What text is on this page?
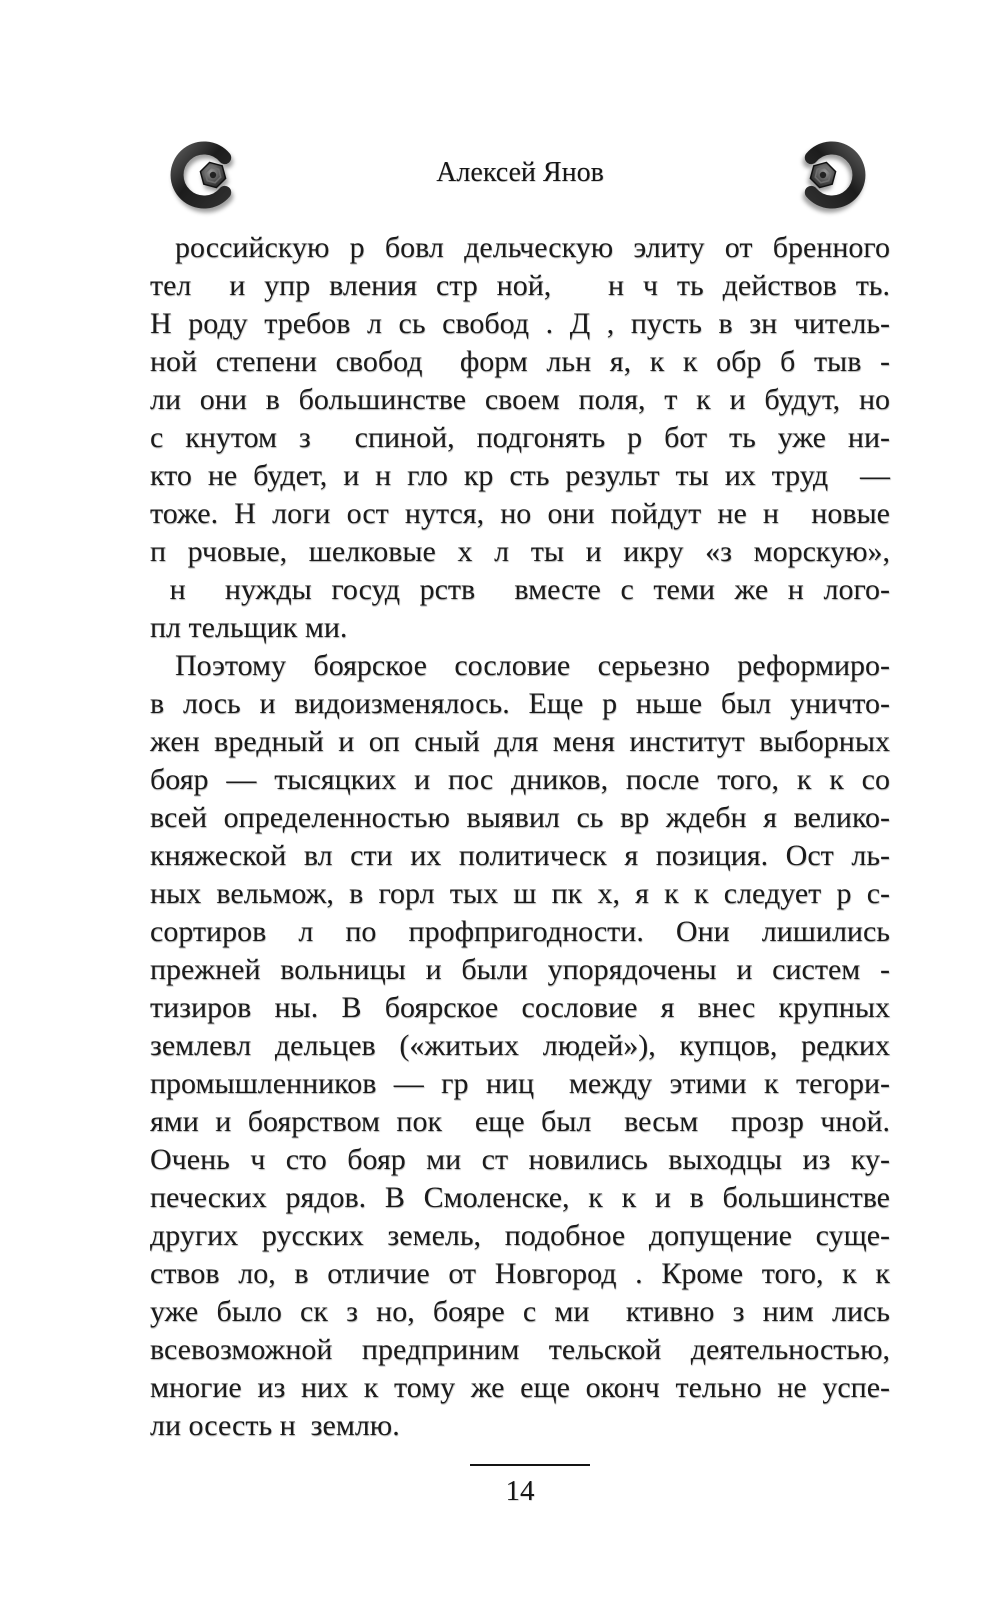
Алексей Янов
российскую р бовл дельческую элиту от бренного
тел  и упр вления стр ной,   н ч ть действов ть.
Н роду требов л сь свобод . Д , пусть в зн читель-
ной степени свобод  форм льн я, к к обр б тыв -
ли они в большинстве своем поля, т к и будут, но
с кнутом з  спиной, подгонять р бот ть уже ни-
кто не будет, и н гло кр сть результ ты их труд  —
тоже. Н логи ост нутся, но они пойдут не н  новые
п рчовые, шелковые х л ты и икру «з морскую»,
н  нужды госуд рств  вместе с теми же н лого-
пл тельщик ми.
Поэтому боярское сословие серьезно реформиро-
в лось и видоизменялось. Еще р ньше был уничто-
жен вредный и оп сный для меня институт выборных
бояр — тысяцких и пос дников, после того, к к со
всей определенностью выявил сь вр ждебн я велико-
княжеской вл сти их политическ я позиция. Ост ль-
ных вельмож, в горл тых ш пк х, я к к следует р с-
сортиров л по профпригодности. Они лишились
прежней вольницы и были упорядочены и систем -
тизиров ны. В боярское сословие я внес крупных
землевл дельцев («житьих людей»), купцов, редких
промышленников — гр ниц  между этими к тегори-
ями и боярством пок  еще был  весьм  прозр чной.
Очень ч сто бояр ми ст новились выходцы из ку-
печеских рядов. В Смоленске, к к и в большинстве
других русских земель, подобное допущение суще-
ствов ло, в отличие от Новгород . Кроме того, к к
уже было ск з но, бояре с ми  ктивно з ним лись
всевозможной предприним тельской деятельностью,
многие из них к тому же еще оконч тельно не успе-
ли осесть н  землю.
14
